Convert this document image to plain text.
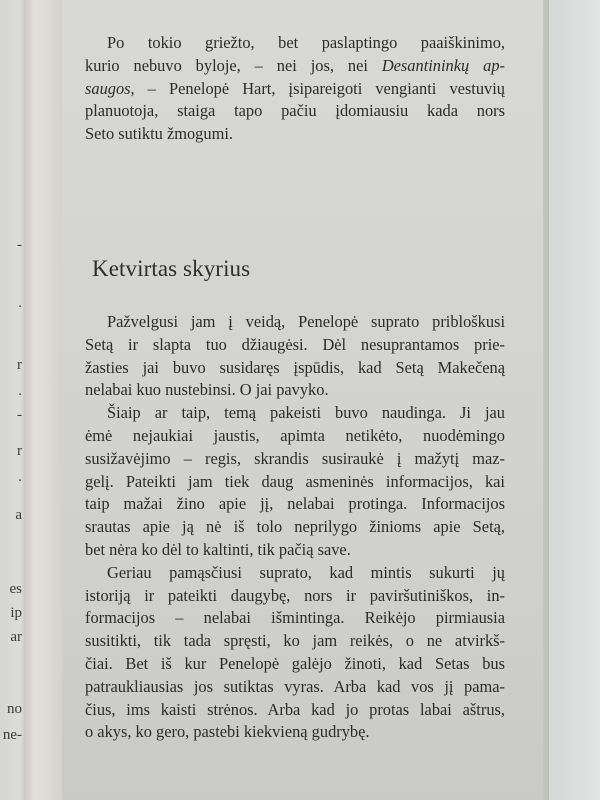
-
.
r
.
-
r
.
a
es
ip
ar
no
ne-
Po tokio griežto, bet paslaptingo paaiškinimo,
kurio nebuvo byloje, – nei jos, nei Desantininkų ap-
saugos, – Penelopė Hart, įsipareigoti vengianti vestuvių
planuotoja, staiga tapo pačiu įdomiausiu kada nors
Seto sutiktu žmogumi.
Ketvirtas skyrius
Pažvelgusi jam į veidą, Penelopė suprato pribloškusi
Setą ir slapta tuo džiaugėsi. Dėl nesuprantamos prie-
žasties jai buvo susidaręs įspūdis, kad Setą Makečeną
nelabai kuo nustebinsi. O jai pavyko.
Šiaip ar taip, temą pakeisti buvo naudinga. Ji jau
ėmė nejaukiai jaustis, apimta netikėto, nuodėmingo
susižavėjimo – regis, skrandis susiraukė į mažytį maz-
gelį. Pateikti jam tiek daug asmeninės informacijos, kai
taip mažai žino apie jį, nelabai protinga. Informacijos
srautas apie ją nė iš tolo neprilygo žinioms apie Setą,
bet nėra ko dėl to kaltinti, tik pačią save.
Geriau pamąsčiusi suprato, kad mintis sukurti jų
istoriją ir pateikti daugybę, nors ir paviršutiniškos, in-
formacijos – nelabai išmintinga. Reikėjo pirmiausia
susitikti, tik tada spręsti, ko jam reikės, o ne atvirkš-
čiai. Bet iš kur Penelopė galėjo žinoti, kad Setas bus
patraukliausias jos sutiktas vyras. Arba kad vos jį pama-
čius, ims kaisti strėnos. Arba kad jo protas labai aštrus,
o akys, ko gero, pastebi kiekvieną gudrybę.
